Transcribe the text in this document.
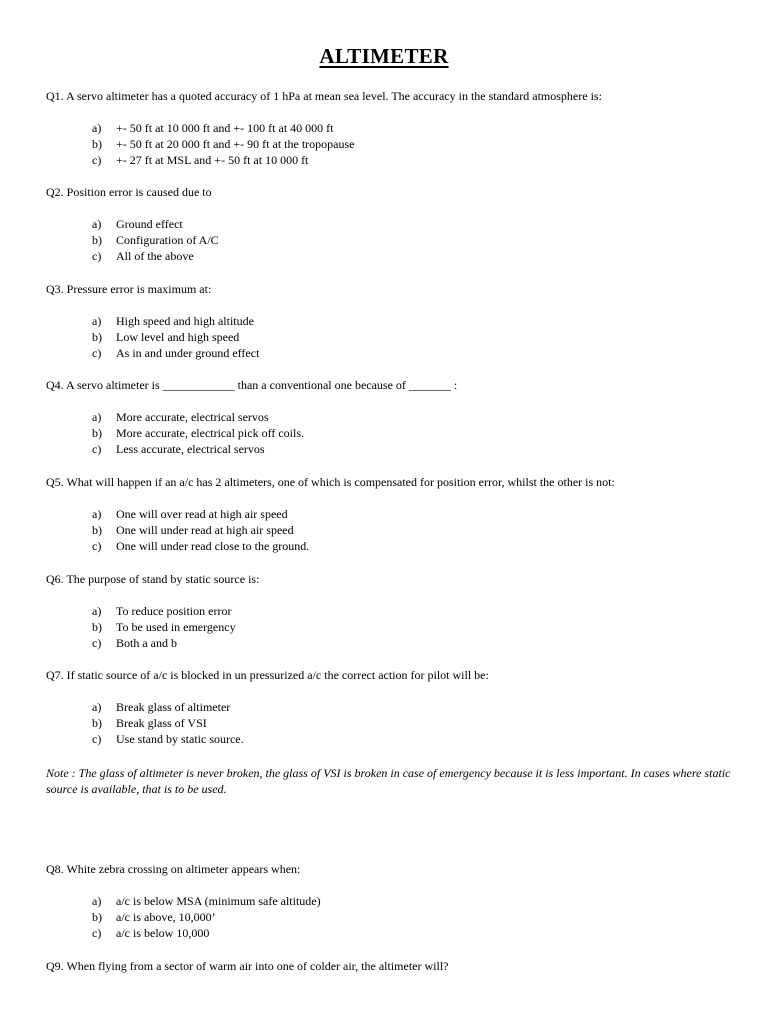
ALTIMETER
Q1. A servo altimeter has a quoted accuracy of 1 hPa at mean sea level. The accuracy in the standard atmosphere is:
a)	+- 50 ft at 10 000 ft and +- 100 ft at 40 000 ft
b)	+- 50 ft at 20 000 ft and +- 90 ft at the tropopause
c)	+- 27 ft at MSL and +- 50 ft at 10 000 ft
Q2. Position error is caused due to
a)	Ground effect
b)	Configuration of A/C
c)	All of the above
Q3. Pressure error is maximum at:
a)	High speed and high altitude
b)	Low level and high speed
c)	As in and under ground effect
Q4. A servo altimeter is ____________ than a conventional one because of _______ :
a)	More accurate, electrical servos
b)	More accurate, electrical pick off coils.
c)	Less accurate, electrical servos
Q5. What will happen if an a/c has 2 altimeters, one of which is compensated for position error, whilst the other is not:
a)	One will over read at high air speed
b)	One will under read at high air speed
c)	One will under read close to the ground.
Q6. The purpose of stand by static source is:
a)	To reduce position error
b)	To be used in emergency
c)	Both a and b
Q7. If static source of a/c is blocked in un pressurized a/c the correct action for pilot will be:
a)	Break glass of altimeter
b)	Break glass of VSI
c)	Use stand by static source.
Note : The glass of altimeter is never broken, the glass of VSI is broken in case of emergency because it is less important. In cases where static source is available, that is to be used.
Q8. White zebra crossing on altimeter appears when:
a)	a/c is below MSA (minimum safe altitude)
b)	a/c is above, 10,000’
c)	a/c is below 10,000
Q9. When flying from a sector of warm air into one of colder air, the altimeter will?
